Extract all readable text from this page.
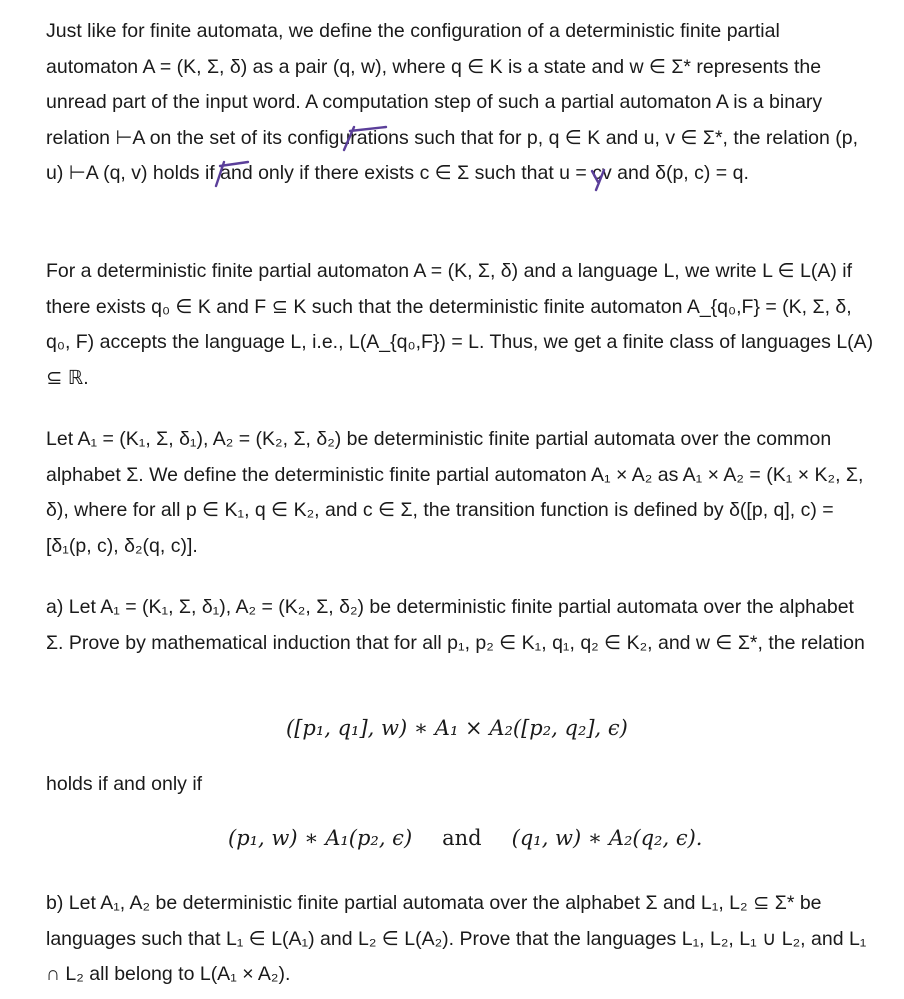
Just like for finite automata, we define the configuration of a deterministic finite partial automaton A = (K, Σ, δ) as a pair (q, w), where q ∈ K is a state and w ∈ Σ* represents the unread part of the input word. A computation step of such a partial automaton A is a binary relation ⊢A on the set of its configurations such that for p, q ∈ K and u, v ∈ Σ*, the relation (p, u) ⊢A (q, v) holds if and only if there exists c ∈ Σ such that u = cv and δ(p, c) = q.

For a deterministic finite partial automaton A = (K, Σ, δ) and a language L, we write L ∈ L(A) if there exists q₀ ∈ K and F ⊆ K such that the deterministic finite automaton A_{q₀,F} = (K, Σ, δ, q₀, F) accepts the language L, i.e., L(A_{q₀,F}) = L. Thus, we get a finite class of languages L(A) ⊆ ℝ.

Let A₁ = (K₁, Σ, δ₁), A₂ = (K₂, Σ, δ₂) be deterministic finite partial automata over the common alphabet Σ. We define the deterministic finite partial automaton A₁ × A₂ as A₁ × A₂ = (K₁ × K₂, Σ, δ), where for all p ∈ K₁, q ∈ K₂, and c ∈ Σ, the transition function is defined by δ([p, q], c) = [δ₁(p, c), δ₂(q, c)].

a) Let A₁ = (K₁, Σ, δ₁), A₂ = (K₂, Σ, δ₂) be deterministic finite partial automata over the alphabet Σ. Prove by mathematical induction that for all p₁, p₂ ∈ K₁, q₁, q₂ ∈ K₂, and w ∈ Σ*, the relation

([p₁, q₁], w) ∗ A₁ × A₂([p₂, q₂], ϵ)

holds if and only if

(p₁, w) ∗ A₁(p₂, ϵ) and (q₁, w) ∗ A₂(q₂, ϵ).

b) Let A₁, A₂ be deterministic finite partial automata over the alphabet Σ and L₁, L₂ ⊆ Σ* be languages such that L₁ ∈ L(A₁) and L₂ ∈ L(A₂). Prove that the languages L₁, L₂, L₁ ∪ L₂, and L₁ ∩ L₂ all belong to L(A₁ × A₂).
